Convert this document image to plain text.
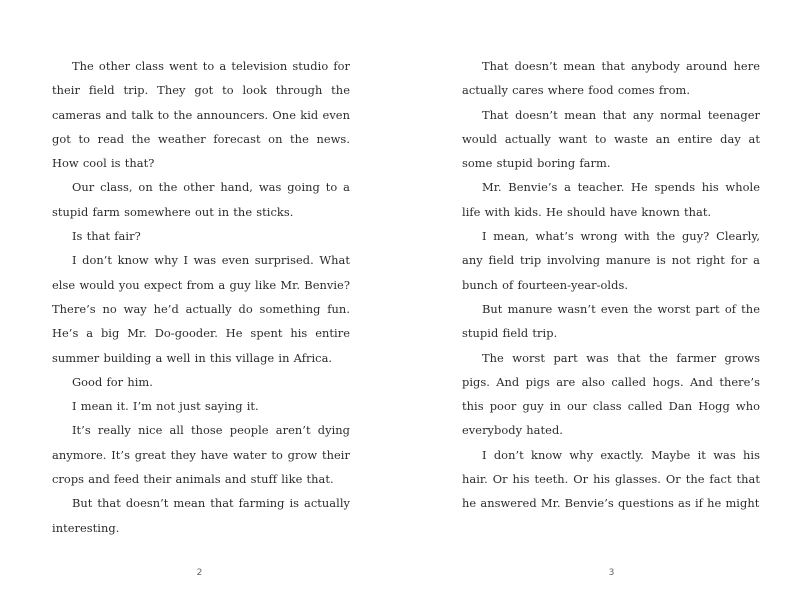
The other class went to a television studio for their field trip. They got to look through the cameras and talk to the announcers. One kid even got to read the weather forecast on the news. How cool is that?

Our class, on the other hand, was going to a stupid farm somewhere out in the sticks.

Is that fair?

I don’t know why I was even surprised. What else would you expect from a guy like Mr. Benvie? There’s no way he’d actually do something fun. He’s a big Mr. Do-gooder. He spent his entire summer building a well in this village in Africa.

Good for him.

I mean it. I’m not just saying it.

It’s really nice all those people aren’t dying anymore. It’s great they have water to grow their crops and feed their animals and stuff like that.

But that doesn’t mean that farming is actually interesting.

2

That doesn’t mean that anybody around here actually cares where food comes from.

That doesn’t mean that any normal teenager would actually want to waste an entire day at some stupid boring farm.

Mr. Benvie’s a teacher. He spends his whole life with kids. He should have known that.

I mean, what’s wrong with the guy? Clearly, any field trip involving manure is not right for a bunch of fourteen-year-olds.

But manure wasn’t even the worst part of the stupid field trip.

The worst part was that the farmer grows pigs. And pigs are also called hogs. And there’s this poor guy in our class called Dan Hogg who everybody hated.

I don’t know why exactly. Maybe it was his hair. Or his teeth. Or his glasses. Or the fact that he answered Mr. Benvie’s questions as if he might

3
